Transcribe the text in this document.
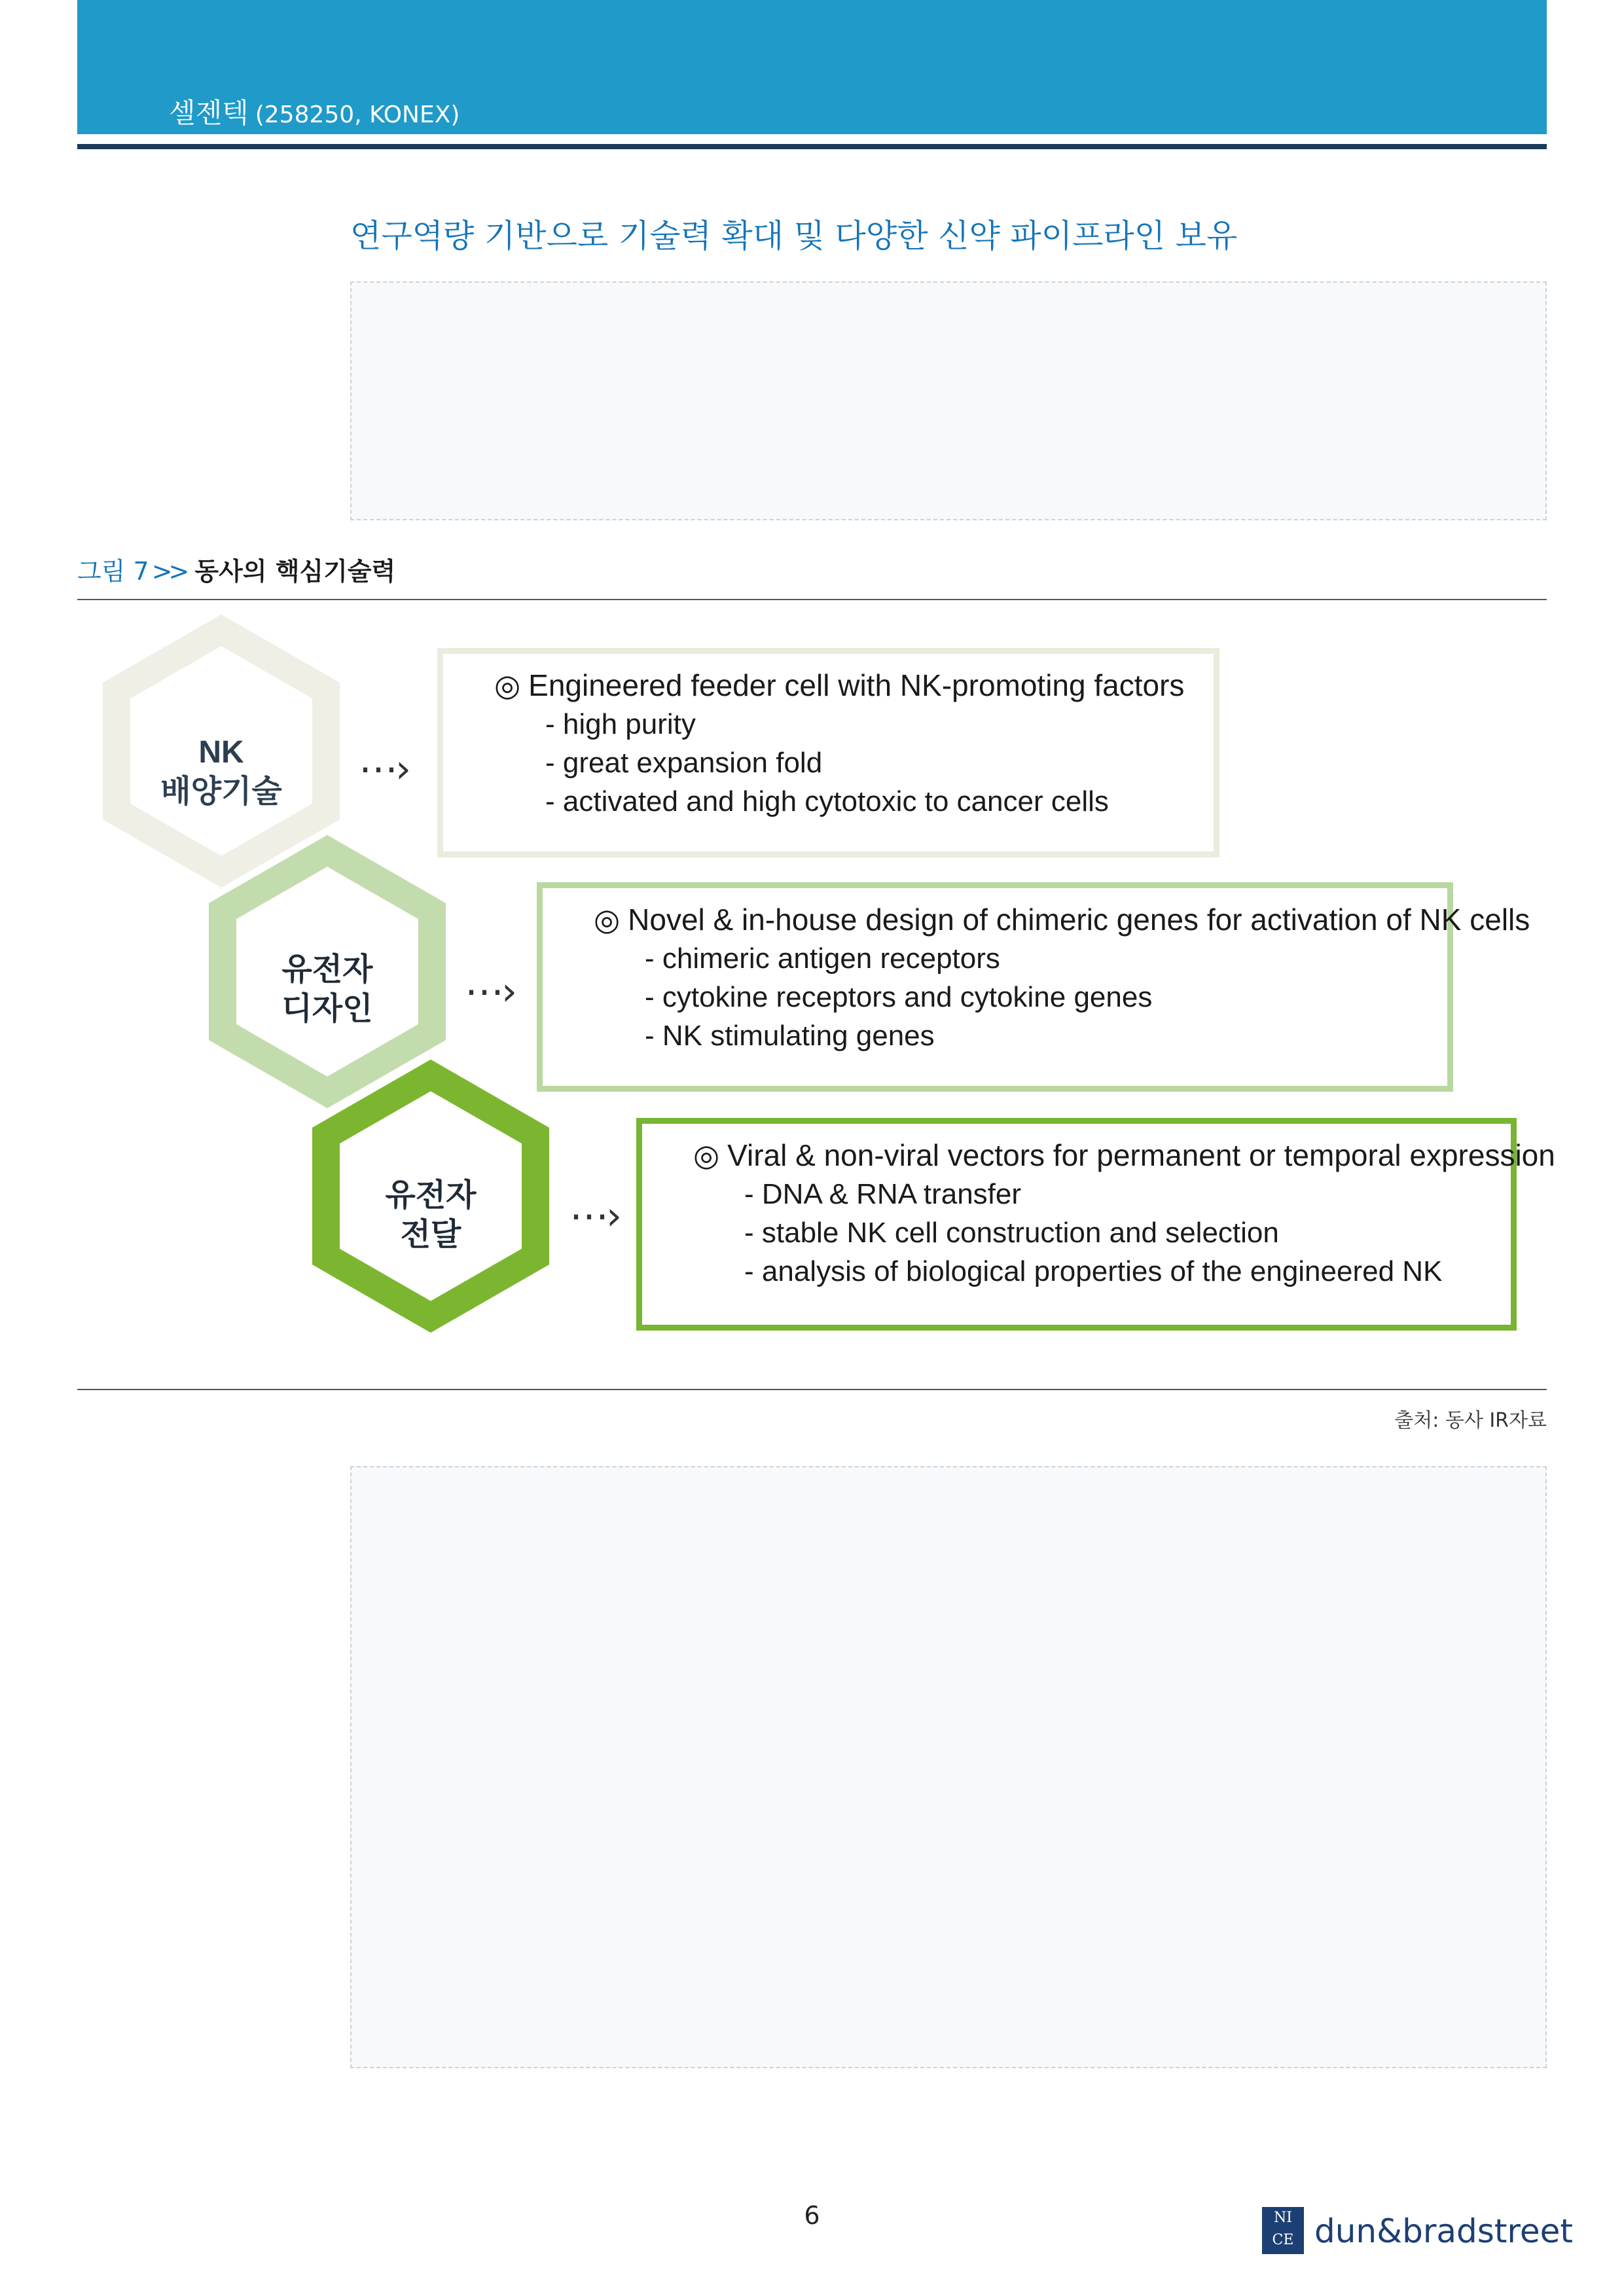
셀젠텍 (258250, KONEX)
연구역량 기반으로 기술력 확대 및 다양한 신약 파이프라인 보유
그림 7 >> 동사의 핵심기술력
NK
배양기술
유전자
디자인
유전자
전달
⋯›
⋯›
⋯›
◎ Engineered feeder cell with NK-promoting factors
- high purity
- great expansion fold
- activated and high cytotoxic to cancer cells
◎ Novel & in-house design of chimeric genes for activation of NK cells
- chimeric antigen receptors
- cytokine receptors and cytokine genes
- NK stimulating genes
◎ Viral & non-viral vectors for permanent or temporal expression
- DNA & RNA transfer
- stable NK cell construction and selection
- analysis of biological properties of the engineered NK
출처: 동사 IR자료
6	NI
CE dun&bradstreet
